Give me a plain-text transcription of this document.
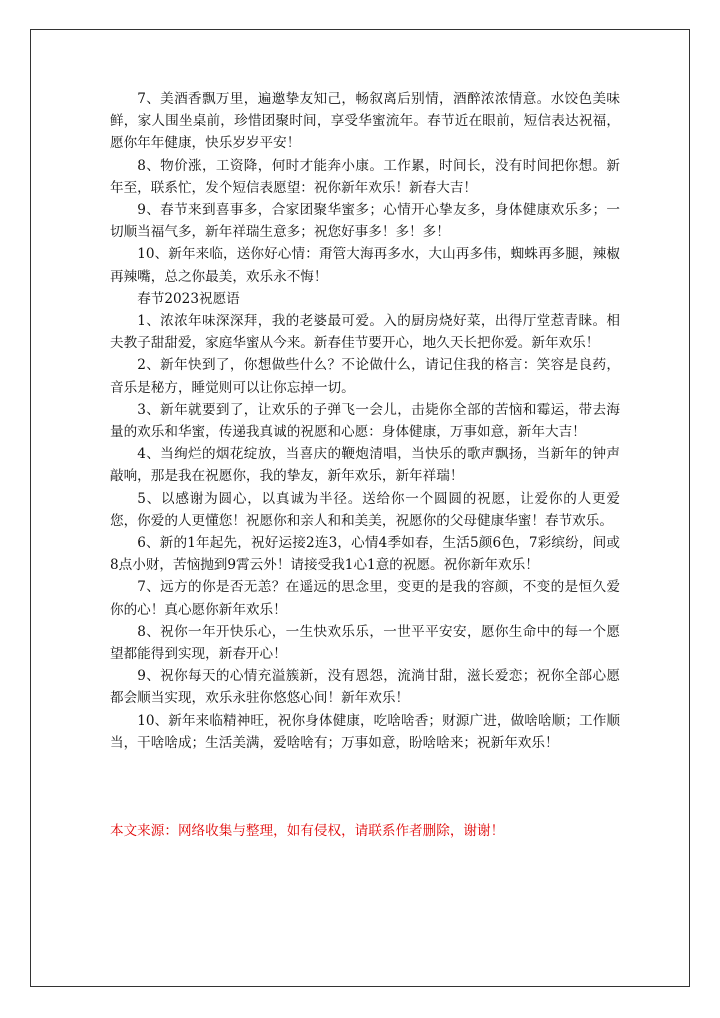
7、美酒香飘万里，遍邀挚友知己，畅叙离后别情，酒醉浓浓情意。水饺色美味鲜，家人围坐桌前，珍惜团聚时间，享受华蜜流年。春节近在眼前，短信表达祝福，愿你年年健康，快乐岁岁平安！

8、物价涨，工资降，何时才能奔小康。工作累，时间长，没有时间把你想。新年至，联系忙，发个短信表愿望：祝你新年欢乐！新春大吉！

9、春节来到喜事多，合家团聚华蜜多；心情开心挚友多，身体健康欢乐多；一切顺当福气多，新年祥瑞生意多；祝您好事多！多！多！

10、新年来临，送你好心情：甭管大海再多水，大山再多伟，蜘蛛再多腿，辣椒再辣嘴，总之你最美，欢乐永不悔！

春节2023祝愿语

1、浓浓年味深深拜，我的老婆最可爱。入的厨房烧好菜，出得厅堂惹青睐。相夫教子甜甜爱，家庭华蜜从今来。新春佳节要开心，地久天长把你爱。新年欢乐！

2、新年快到了，你想做些什么？不论做什么，请记住我的格言：笑容是良药，音乐是秘方，睡觉则可以让你忘掉一切。

3、新年就要到了，让欢乐的子弹飞一会儿，击毙你全部的苦恼和霉运，带去海量的欢乐和华蜜，传递我真诚的祝愿和心愿：身体健康，万事如意，新年大吉！

4、当绚烂的烟花绽放，当喜庆的鞭炮清唱，当快乐的歌声飘扬，当新年的钟声敲响，那是我在祝愿你，我的挚友，新年欢乐，新年祥瑞！

5、以感谢为圆心，以真诚为半径。送给你一个圆圆的祝愿，让爱你的人更爱您，你爱的人更懂您！祝愿你和亲人和和美美，祝愿你的父母健康华蜜！春节欢乐。

6、新的1年起先，祝好运接2连3，心情4季如春，生活5颜6色，7彩缤纷，间或8点小财，苦恼抛到9霄云外！请接受我1心1意的祝愿。祝你新年欢乐！

7、远方的你是否无恙？在遥远的思念里，变更的是我的容颜，不变的是恒久爱你的心！真心愿你新年欢乐！

8、祝你一年开快乐心，一生快欢乐乐，一世平平安安，愿你生命中的每一个愿望都能得到实现，新春开心！

9、祝你每天的心情充溢簇新，没有恩怨，流淌甘甜，滋长爱恋；祝你全部心愿都会顺当实现，欢乐永驻你悠悠心间！新年欢乐！

10、新年来临精神旺，祝你身体健康，吃啥啥香；财源广进，做啥啥顺；工作顺当，干啥啥成；生活美满，爱啥啥有；万事如意，盼啥啥来；祝新年欢乐！

本文来源：网络收集与整理，如有侵权，请联系作者删除，谢谢！
